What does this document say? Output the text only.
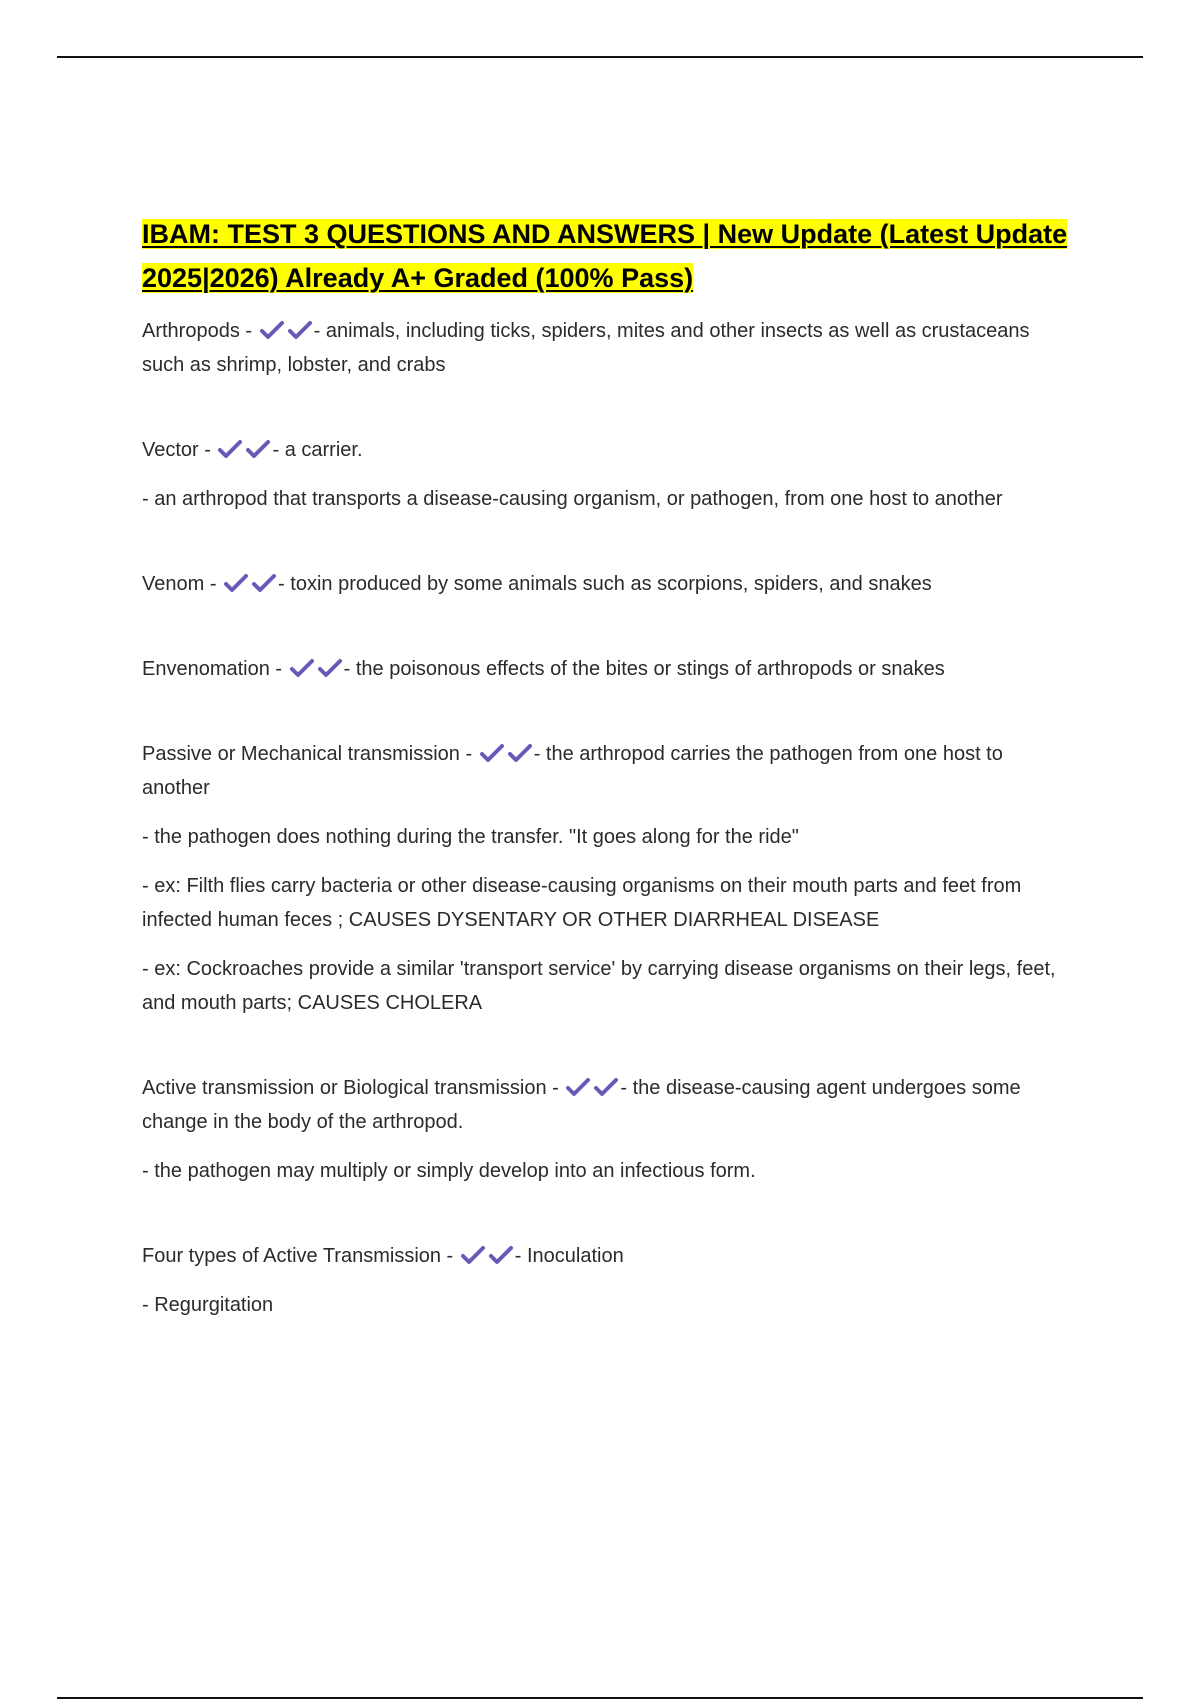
IBAM: TEST 3 QUESTIONS AND ANSWERS | New Update (Latest Update 2025|2026) Already A+ Graded (100% Pass)
Arthropods -	- animals, including ticks, spiders, mites and other insects as well as crustaceans such as shrimp, lobster, and crabs
Vector -	- a carrier.
- an arthropod that transports a disease-causing organism, or pathogen, from one host to another
Venom -	- toxin produced by some animals such as scorpions, spiders, and snakes
Envenomation -	- the poisonous effects of the bites or stings of arthropods or snakes
Passive or Mechanical transmission -	- the arthropod carries the pathogen from one host to another
- the pathogen does nothing during the transfer. "It goes along for the ride"
- ex: Filth flies carry bacteria or other disease-causing organisms on their mouth parts and feet from infected human feces ; CAUSES DYSENTARY OR OTHER DIARRHEAL DISEASE
- ex: Cockroaches provide a similar 'transport service' by carrying disease organisms on their legs, feet, and mouth parts; CAUSES CHOLERA
Active transmission or Biological transmission -	- the disease-causing agent undergoes some change in the body of the arthropod.
- the pathogen may multiply or simply develop into an infectious form.
Four types of Active Transmission -	- Inoculation
- Regurgitation
